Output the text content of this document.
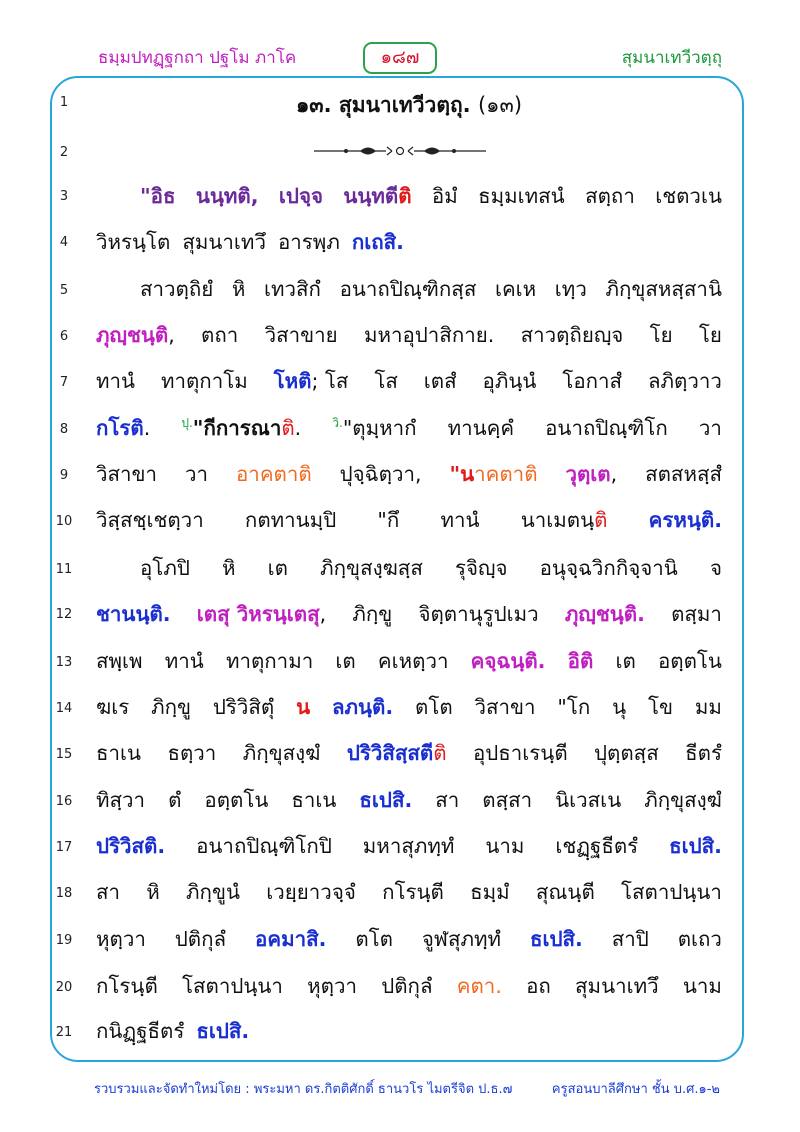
ธมฺมปทฏฺฐกถา ปฐโม ภาโค	๑๘๗	สุมนาเทวีวตฺถุ
1
2
3
4
5
6
7
8
9
10
11
12
13
14
15
16
17
18
19
20
21
๑๓. สุมนาเทวีวตฺถุ. (๑๓)
"อิธ นนฺทติ, เปจฺจ นนฺทตีติ อิมํ ธมฺมเทสนํ สตฺถา เชตวเน
วิหรนฺโต สุมนาเทวึ อารพฺภ กเถสิ.
สาวตฺถิยํ หิ เทวสิกํ อนาถปิณฺฑิกสฺส เคเห เทฺว ภิกฺขุสหสฺสานิ
ภุญฺชนฺติ, ตถา วิสาขาย มหาอุปาสิกาย. สาวตฺถิยญฺจ โย โย
ทานํ ทาตุกาโม โหติ; โส โส เตสํ อุภินฺนํ โอกาสํ ลภิตฺวาว
กโรติ.	$^{ปุ.}$"กีการณาติ.	$^{วิ.}$"ตุมฺหากํ ทานคฺคํ อนาถปิณฺฑิโก วา
วิสาขา วา อาคตาติ ปุจฺฉิตฺวา, "นาคตาติ วุตฺเต, สตสหสฺสํ
วิสฺสชฺเชตฺวา กตทานมฺปิ "กึ ทานํ นาเมตนฺติ ครหนฺติ.
อุโภปิ หิ เต ภิกฺขุสงฺฆสฺส รุจิญฺจ อนุจฺฉวิกกิจฺจานิ จ
ชานนฺติ. เตสุ วิหรนฺเตสุ, ภิกฺขู จิตฺตานุรูปเมว ภุญฺชนฺติ. ตสฺมา
สพฺเพ ทานํ ทาตุกามา เต คเหตฺวา คจฺฉนฺติ. อิติ เต อตฺตโน
ฆเร ภิกฺขู ปริวิสิตุํ น ลภนฺติ. ตโต วิสาขา "โก นุ โข มม
ธาเน ธตฺวา ภิกฺขุสงฺฆํ ปริวิสิสฺสตีติ อุปธาเรนฺตี ปุตฺตสฺส ธีตรํ
ทิสฺวา ตํ อตฺตโน ธาเน ธเปสิ. สา ตสฺสา นิเวสเน ภิกฺขุสงฺฆํ
ปริวิสติ. อนาถปิณฺฑิโกปิ มหาสุภทฺทํ นาม เชฏฺฐธีตรํ ธเปสิ.
สา หิ ภิกฺขูนํ เวยฺยาวจฺจํ กโรนฺตี ธมฺมํ สุณนฺตี โสตาปนฺนา
หุตฺวา ปติกุลํ อคมาสิ. ตโต จูฬสุภทฺทํ ธเปสิ. สาปิ ตเถว
กโรนฺตี โสตาปนฺนา หุตฺวา ปติกุลํ คตา. อถ สุมนาเทวึ นาม
กนิฏฺฐธีตรํ ธเปสิ.
รวบรวมและจัดทำใหม่โดย : พระมหา ดร.กิตติศักดิ์ ธานวโร ไมตรีจิต ป.ธ.๗	ครูสอนบาลีศึกษา ชั้น บ.ศ.๑-๒
